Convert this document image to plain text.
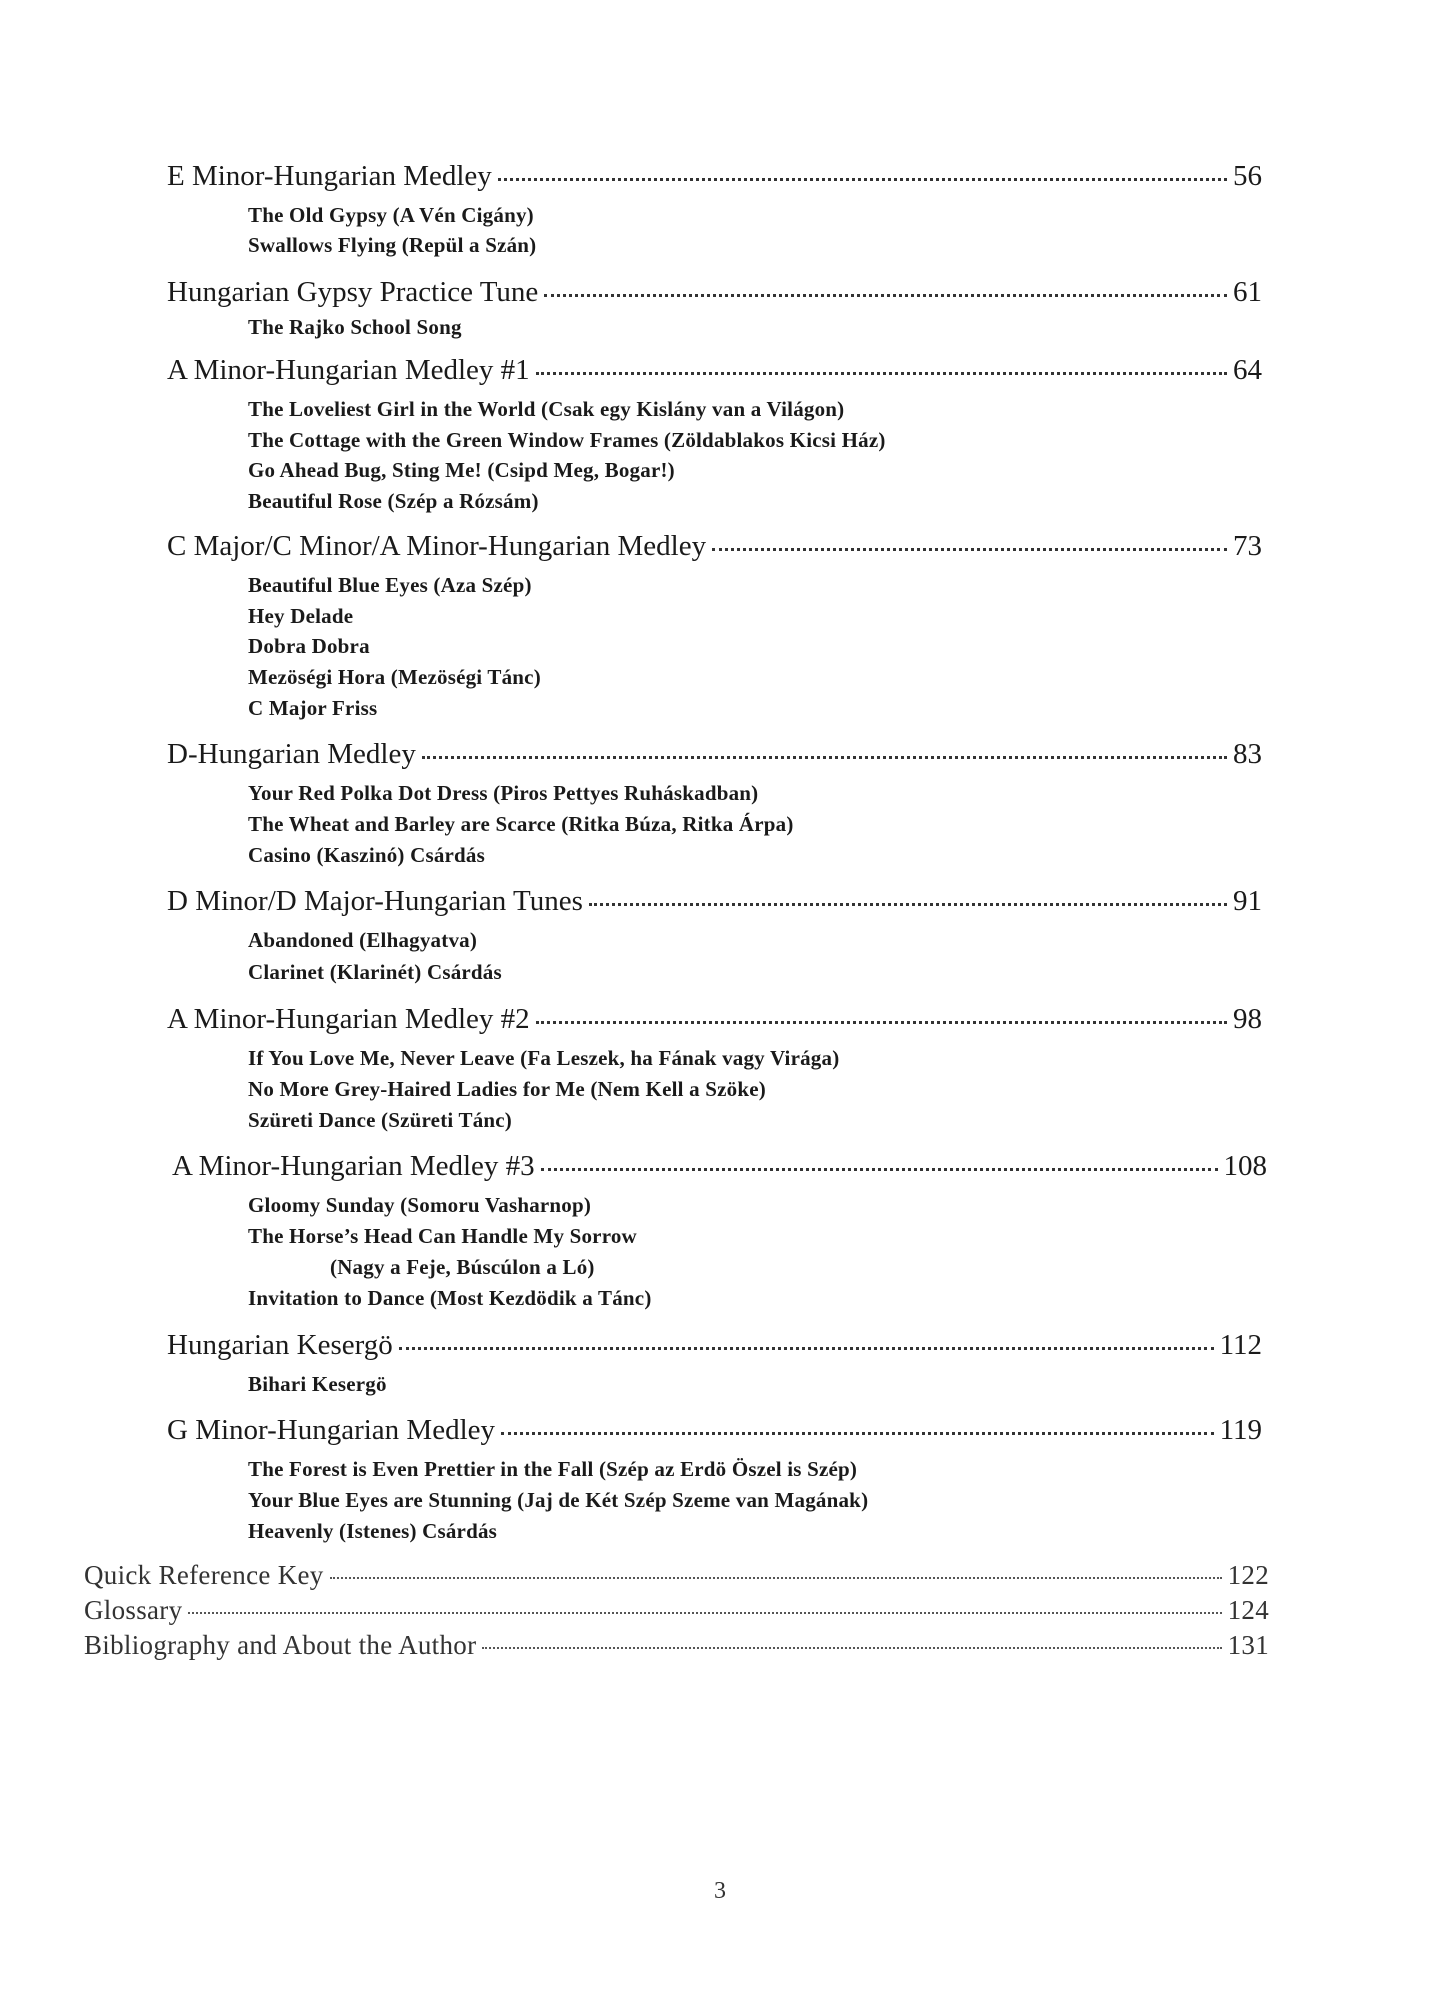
E Minor-Hungarian Medley	56
The Old Gypsy (A Vén Cigány)
Swallows Flying (Repül a Szán)
Hungarian Gypsy Practice Tune	61
The Rajko School Song
A Minor-Hungarian Medley #1	64
The Loveliest Girl in the World (Csak egy Kislány van a Világon)
The Cottage with the Green Window Frames (Zöldablakos Kicsi Ház)
Go Ahead Bug, Sting Me! (Csipd Meg, Bogar!)
Beautiful Rose (Szép a Rózsám)
C Major/C Minor/A Minor-Hungarian Medley	73
Beautiful Blue Eyes (Aza Szép)
Hey Delade
Dobra Dobra
Mezöségi Hora (Mezöségi Tánc)
C Major Friss
D-Hungarian Medley	83
Your Red Polka Dot Dress (Piros Pettyes Ruháskadban)
The Wheat and Barley are Scarce (Ritka Búza, Ritka Árpa)
Casino (Kaszinó) Csárdás
D Minor/D Major-Hungarian Tunes	91
Abandoned (Elhagyatva)
Clarinet (Klarinét) Csárdás
A Minor-Hungarian Medley #2	98
If You Love Me, Never Leave (Fa Leszek, ha Fának vagy Virága)
No More Grey-Haired Ladies for Me (Nem Kell a Szöke)
Szüreti Dance (Szüreti Tánc)
A Minor-Hungarian Medley #3	108
Gloomy Sunday (Somoru Vasharnop)
The Horse’s Head Can Handle My Sorrow
(Nagy a Feje, Búscúlon a Ló)
Invitation to Dance (Most Kezdödik a Tánc)
Hungarian Kesergö	112
Bihari Kesergö
G Minor-Hungarian Medley	119
The Forest is Even Prettier in the Fall (Szép az Erdö Öszel is Szép)
Your Blue Eyes are Stunning (Jaj de Két Szép Szeme van Magának)
Heavenly (Istenes) Csárdás
Quick Reference Key	122
Glossary	124
Bibliography and About the Author	131
3
